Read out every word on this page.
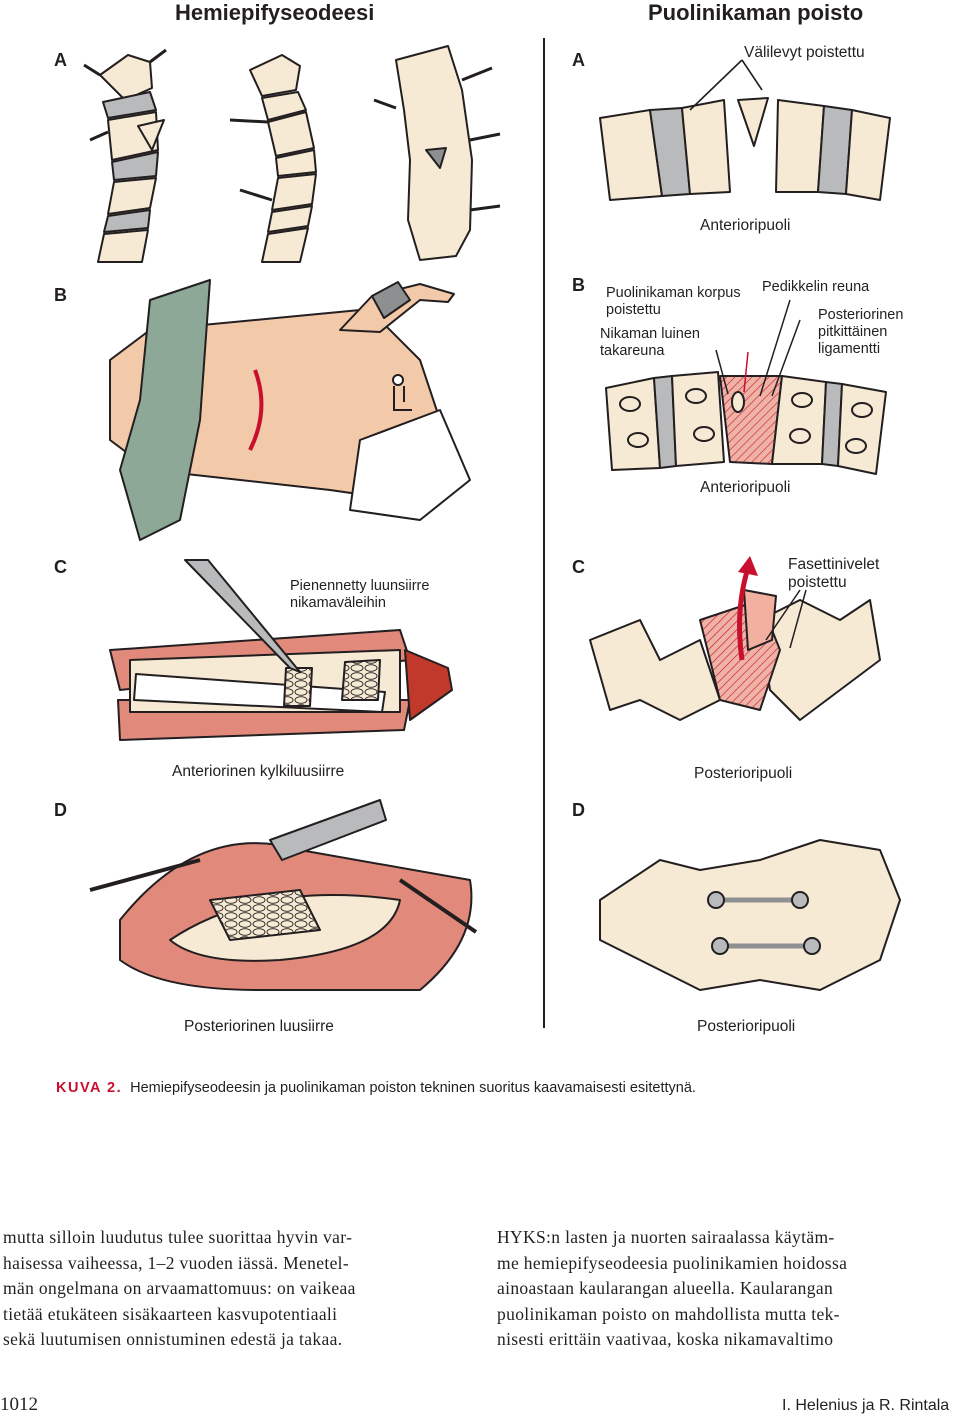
Hemiepifyseodeesi	Puolinikaman poisto
A	A
B	B
C	C
D	D
Välilevyt poistettu
Anterioripuoli
Puolinikaman korpus
poistettu
Nikaman luinen
takareuna
Pedikkelin reuna
Posteriorinen
pitkittäinen
ligamentti
Anterioripuoli
Pienennetty luunsiirre
nikamaväleihin
Fasettinivelet
poistettu
Anteriorinen kylkiluusiirre	Posterioripuoli
Posteriorinen luusiirre	Posterioripuoli
KUVA 2. Hemiepifyseodeesin ja puolinikaman poiston tekninen suoritus kaavamaisesti esitettynä.
mutta silloin luudutus tulee suorittaa hyvin var-
haisessa vaiheessa, 1–2 vuoden iässä. Menetel-
män ongelmana on arvaamattomuus: on vaikeaa
tietää etukäteen sisäkaarteen kasvupotentiaali
sekä luutumisen onnistuminen edestä ja takaa.
HYKS:n lasten ja nuorten sairaalassa käytäm-
me hemiepifyseodeesia puolinikamien hoidossa
ainoastaan kaularangan alueella. Kaularangan
puolinikaman poisto on mahdollista mutta tek-
nisesti erittäin vaativaa, koska nikamavaltimo
1012	I. Helenius ja R. Rintala
